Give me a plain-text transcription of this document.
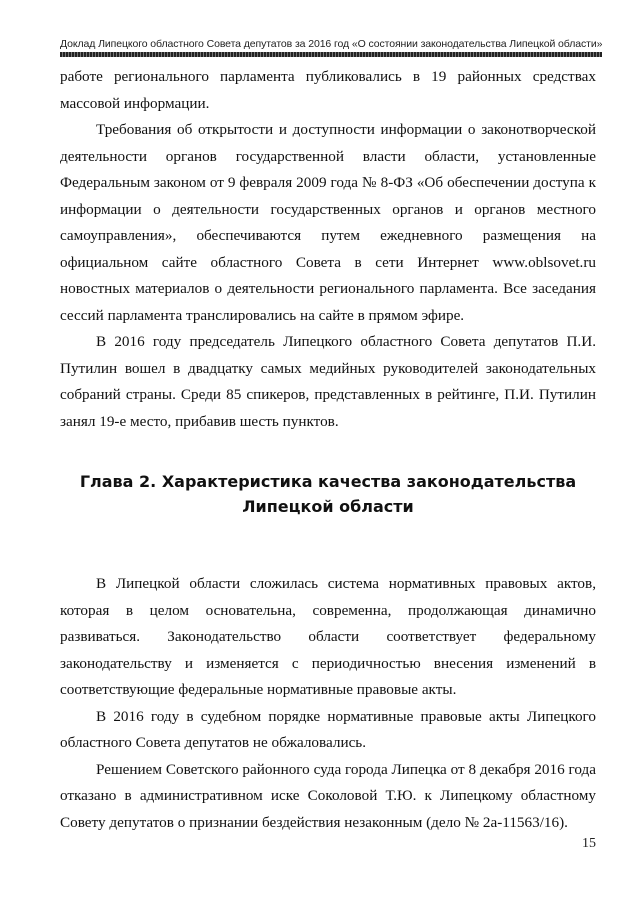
Доклад Липецкого областного Совета депутатов за 2016 год «О состоянии законодательства Липецкой области»

работе регионального парламента публиковались в 19 районных средствах массовой информации.

Требования об открытости и доступности информации о законотворческой деятельности органов государственной власти области, установленные Федеральным законом от 9 февраля 2009 года № 8-ФЗ «Об обеспечении доступа к информации о деятельности государственных органов и органов местного самоуправления», обеспечиваются путем ежедневного размещения на официальном сайте областного Совета в сети Интернет www.oblsovet.ru новостных материалов о деятельности регионального парламента. Все заседания сессий парламента транслировались на сайте в прямом эфире.

В 2016 году председатель Липецкого областного Совета депутатов П.И. Путилин вошел в двадцатку самых медийных руководителей законодательных собраний страны. Среди 85 спикеров, представленных в рейтинге, П.И. Путилин занял 19-е место, прибавив шесть пунктов.

Глава 2. Характеристика качества законодательства
Липецкой области

В Липецкой области сложилась система нормативных правовых актов, которая в целом основательна, современна, продолжающая динамично развиваться. Законодательство области соответствует федеральному законодательству и изменяется с периодичностью внесения изменений в соответствующие федеральные нормативные правовые акты.

В 2016 году в судебном порядке нормативные правовые акты Липецкого областного Совета депутатов не обжаловались.

Решением Советского районного суда города Липецка от 8 декабря 2016 года отказано в административном иске Соколовой Т.Ю. к Липецкому областному Совету депутатов о признании бездействия незаконным (дело № 2а-11563/16).

15
